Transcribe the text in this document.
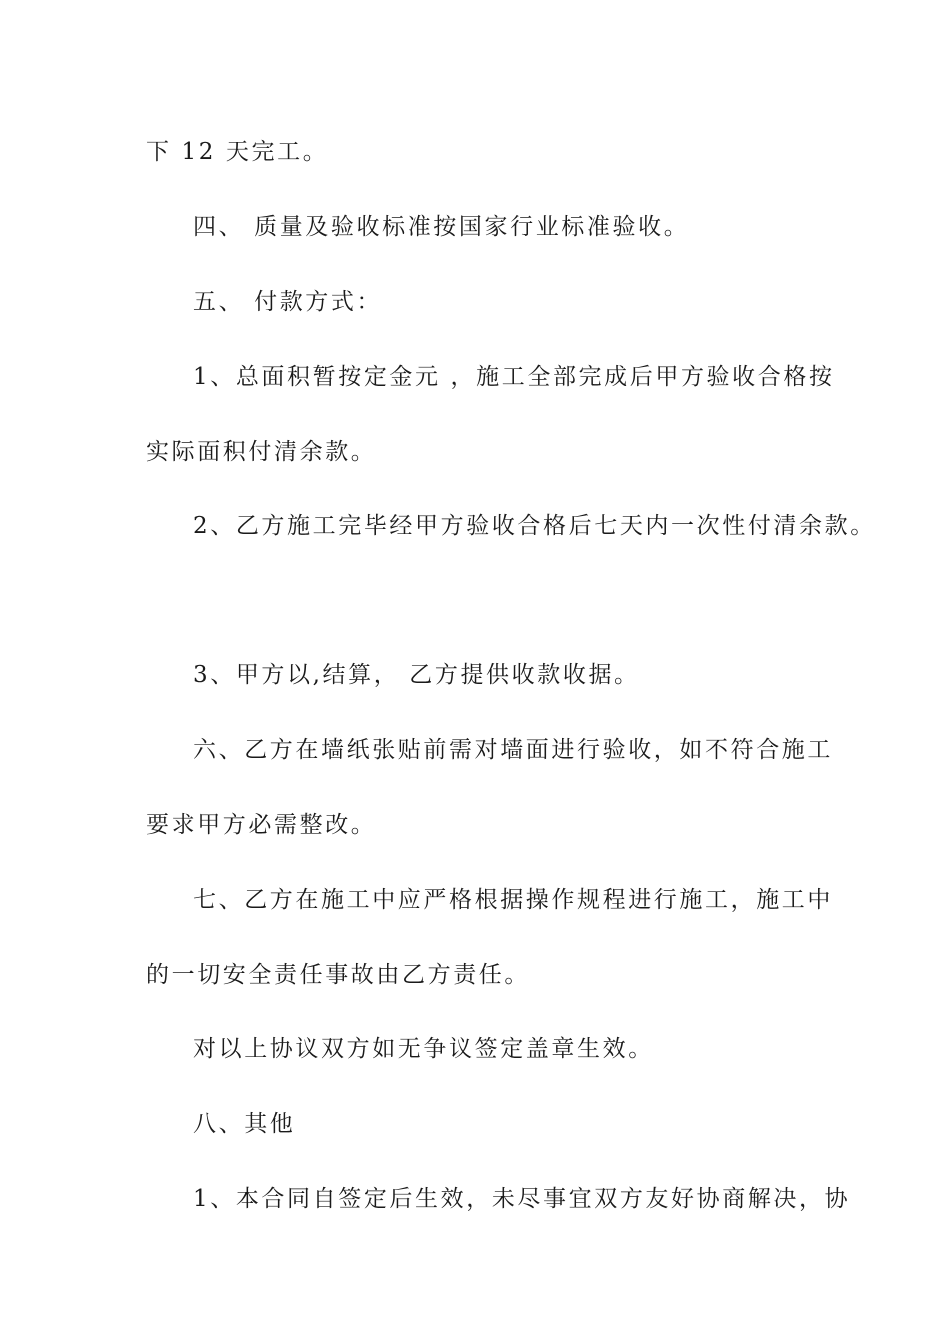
下 12 天完工。
四、 质量及验收标准按国家行业标准验收。
五、 付款方式：
1、总面积暂按定金元 ，施工全部完成后甲方验收合格按
实际面积付清余款。
2、乙方施工完毕经甲方验收合格后七天内一次性付清余款。
3、甲方以,结算， 乙方提供收款收据。
六、乙方在墙纸张贴前需对墙面进行验收，如不符合施工
要求甲方必需整改。
七、乙方在施工中应严格根据操作规程进行施工，施工中
的一切安全责任事故由乙方责任。
对以上协议双方如无争议签定盖章生效。
八、其他
1、本合同自签定后生效，未尽事宜双方友好协商解决，协
